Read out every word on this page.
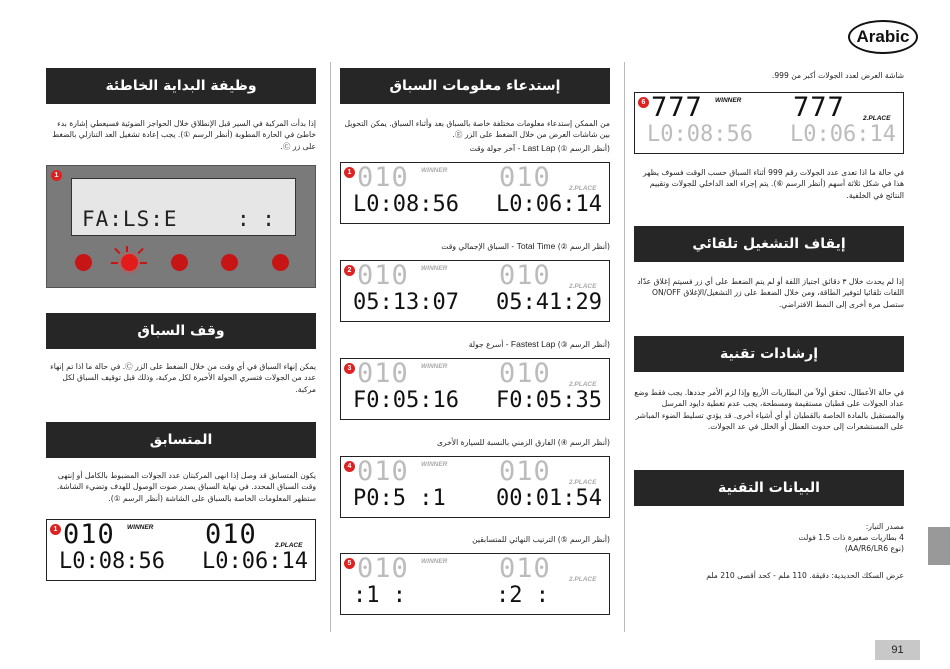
Arabic
91
وظيفة البداية الخاطئة
إذا بدأت المركبة في السير قبل الإنطلاق خلال الحواجز الضوئية فسيعطي إشارة بدء خاطئ في الحارة المطوبة (أنظر الرسم ①). يجب إعادة تشغيل العد التنازلي بالضغط على زر Ⓒ.
1
FA:LS:E	: :
وقف السباق
يمكن إنهاء السباق في أي وقت من خلال الضغط على الزر Ⓒ. في حالة ما اذا تم إنهاء عدد من الجولات فتسري الجولة الأخيرة لكل مركبة، وذلك قبل توقيف السباق لكل مركبة.
المتسابق
يكون المتسابق قد وصل إذا انهى المركبتان عدد الجولات المضبوط بالكامل أو إنتهى وقت السباق المحدد. في نهاية السباق يصدر صوت الوصول للهدف وتضيء الشاشة. ستظهر المعلومات الخاصة بالسباق على الشاشة (أنظر الرسم ①).
1 010	010
WINNER
2.PLACE
L0:08:56 L0:06:14
إستدعاء معلومات السباق
من الممكن إستدعاء معلومات مختلفة خاصة بالسباق بعد وأثناء السباق. يمكن التحويل بين شاشات العرض من خلال الضغط على الزر Ⓔ.
(أنظر الرسم ①) Last Lap - آخر جولة وقت
1 010	010
WINNER
2.PLACE
L0:08:56 L0:06:14
(أنظر الرسم ②) Total Time - السباق الإجمالي وقت
2 010	010
WINNER
2.PLACE
05:13:07 05:41:29
(أنظر الرسم ③) Fastest Lap - أسرع جولة
3 010	010
WINNER
2.PLACE
F0:05:16 F0:05:35
(أنظر الرسم ④) الفارق الزمني بالنسبة للسيارة الأخرى
4 010	010
WINNER
2.PLACE
P0:5 :1 00:01:54
(أنظر الرسم ⑤) الترتيب النهائي للمتسابقين
5 010	010
WINNER
2.PLACE
:1 :	:2 :
شاشة العرض لعدد الجولات أكبر من 999.
6 777	777
WINNER
2.PLACE
L0:08:56 L0:06:14
في حالة ما اذا تعدى عدد الجولات رقم 999 أثناء السباق حسب الوقت فسوف يظهر هذا في شكل ثلاثة أسهم (أنظر الرسم ⑥). يتم إجراء العد الداخلي للجولات وتقييم النتائج في الخلفية.
إيقاف التشغيل تلقائي
إذا لم يحدث خلال ٣ دقائق اجتياز اللفة أو لم يتم الضغط على أي زر فسيتم إغلاق عدّاد اللفات تلقائيا لتوفير الطاقة، ومن خلال الضغط على زر التشغيل/الإغلاق ON/OFF ستصل مرة أخرى إلى النمط الافتراضي.
إرشادات تقنية
في حالة الأعطال، تحقق أولاً من البطاريات الأربع وإذا لزم الأمر جددها. يجب فقط وضع عداد الجولات على قطبان مستقيمة ومسطحة، يجب عدم تغطية دايود المرسل والمستقبل بالمادة الخاصة بالقطبان أو أي أشياء أخرى. قد يؤدي تسليط الضوء المباشر على المستشعرات إلى حدوث العطل أو الخلل في عد الجولات.
البيانات التقنية
مصدر التيار:
4 بطاريات صغيرة ذات 1.5 فولت
(نوع AA/R6/LR6)
عرض السكك الحديدية: دقيقة. 110 ملم - كحد أقصى 210 ملم
